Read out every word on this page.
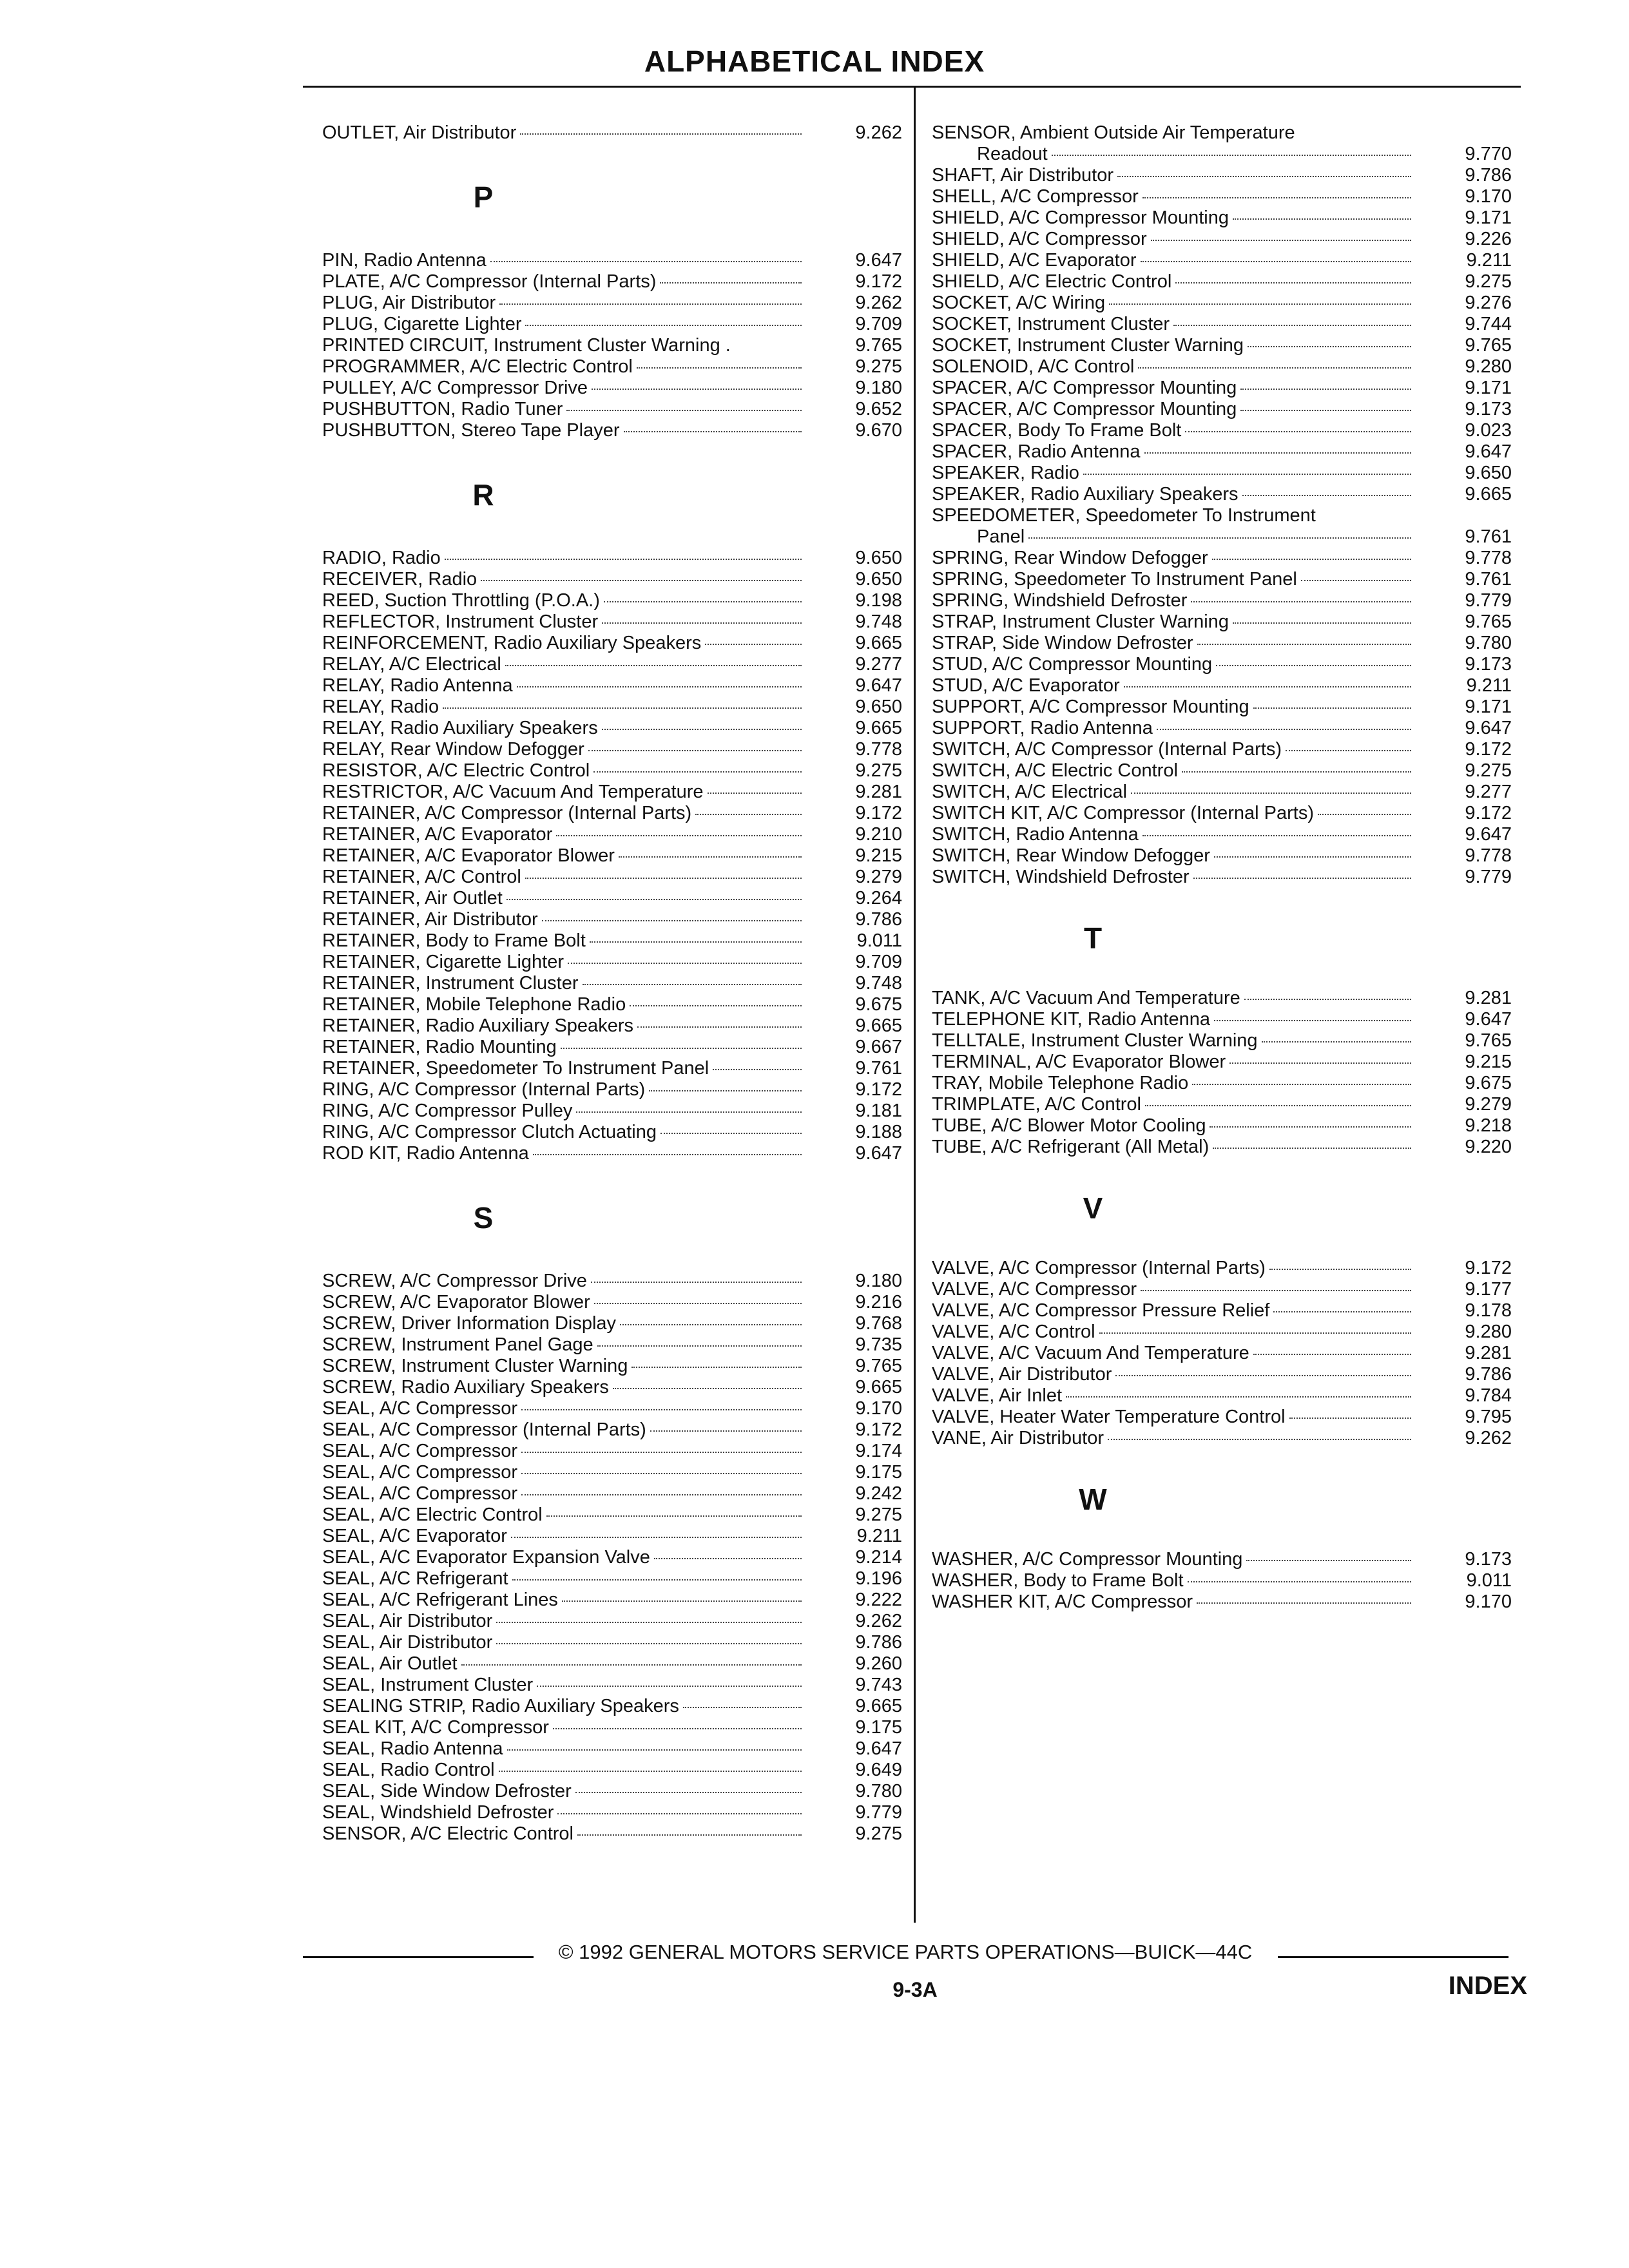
ALPHABETICAL INDEX
OUTLET, Air Distributor	9.262
P
PIN, Radio Antenna	9.647
PLATE, A/C Compressor (Internal Parts)	9.172
PLUG, Air Distributor	9.262
PLUG, Cigarette Lighter	9.709
PRINTED CIRCUIT, Instrument Cluster Warning .	9.765
PROGRAMMER, A/C Electric Control	9.275
PULLEY, A/C Compressor Drive	9.180
PUSHBUTTON, Radio Tuner	9.652
PUSHBUTTON, Stereo Tape Player	9.670
R
RADIO, Radio	9.650
RECEIVER, Radio	9.650
REED, Suction Throttling (P.O.A.)	9.198
REFLECTOR, Instrument Cluster	9.748
REINFORCEMENT, Radio Auxiliary Speakers	9.665
RELAY, A/C Electrical	9.277
RELAY, Radio Antenna	9.647
RELAY, Radio	9.650
RELAY, Radio Auxiliary Speakers	9.665
RELAY, Rear Window Defogger	9.778
RESISTOR, A/C Electric Control	9.275
RESTRICTOR, A/C Vacuum And Temperature	9.281
RETAINER, A/C Compressor (Internal Parts)	9.172
RETAINER, A/C Evaporator	9.210
RETAINER, A/C Evaporator Blower	9.215
RETAINER, A/C Control	9.279
RETAINER, Air Outlet	9.264
RETAINER, Air Distributor	9.786
RETAINER, Body to Frame Bolt	9.011
RETAINER, Cigarette Lighter	9.709
RETAINER, Instrument Cluster	9.748
RETAINER, Mobile Telephone Radio	9.675
RETAINER, Radio Auxiliary Speakers	9.665
RETAINER, Radio Mounting	9.667
RETAINER, Speedometer To Instrument Panel	9.761
RING, A/C Compressor (Internal Parts)	9.172
RING, A/C Compressor Pulley	9.181
RING, A/C Compressor Clutch Actuating	9.188
ROD KIT, Radio Antenna	9.647
S
SCREW, A/C Compressor Drive	9.180
SCREW, A/C Evaporator Blower	9.216
SCREW, Driver Information Display	9.768
SCREW, Instrument Panel Gage	9.735
SCREW, Instrument Cluster Warning	9.765
SCREW, Radio Auxiliary Speakers	9.665
SEAL, A/C Compressor	9.170
SEAL, A/C Compressor (Internal Parts)	9.172
SEAL, A/C Compressor	9.174
SEAL, A/C Compressor	9.175
SEAL, A/C Compressor	9.242
SEAL, A/C Electric Control	9.275
SEAL, A/C Evaporator	9.211
SEAL, A/C Evaporator Expansion Valve	9.214
SEAL, A/C Refrigerant	9.196
SEAL, A/C Refrigerant Lines	9.222
SEAL, Air Distributor	9.262
SEAL, Air Distributor	9.786
SEAL, Air Outlet	9.260
SEAL, Instrument Cluster	9.743
SEALING STRIP, Radio Auxiliary Speakers	9.665
SEAL KIT, A/C Compressor	9.175
SEAL, Radio Antenna	9.647
SEAL, Radio Control	9.649
SEAL, Side Window Defroster	9.780
SEAL, Windshield Defroster	9.779
SENSOR, A/C Electric Control	9.275
SENSOR, Ambient Outside Air Temperature
Readout	9.770
SHAFT, Air Distributor	9.786
SHELL, A/C Compressor	9.170
SHIELD, A/C Compressor Mounting	9.171
SHIELD, A/C Compressor	9.226
SHIELD, A/C Evaporator	9.211
SHIELD, A/C Electric Control	9.275
SOCKET, A/C Wiring	9.276
SOCKET, Instrument Cluster	9.744
SOCKET, Instrument Cluster Warning	9.765
SOLENOID, A/C Control	9.280
SPACER, A/C Compressor Mounting	9.171
SPACER, A/C Compressor Mounting	9.173
SPACER, Body To Frame Bolt	9.023
SPACER, Radio Antenna	9.647
SPEAKER, Radio	9.650
SPEAKER, Radio Auxiliary Speakers	9.665
SPEEDOMETER, Speedometer To Instrument
Panel	9.761
SPRING, Rear Window Defogger	9.778
SPRING, Speedometer To Instrument Panel	9.761
SPRING, Windshield Defroster	9.779
STRAP, Instrument Cluster Warning	9.765
STRAP, Side Window Defroster	9.780
STUD, A/C Compressor Mounting	9.173
STUD, A/C Evaporator	9.211
SUPPORT, A/C Compressor Mounting	9.171
SUPPORT, Radio Antenna	9.647
SWITCH, A/C Compressor (Internal Parts)	9.172
SWITCH, A/C Electric Control	9.275
SWITCH, A/C Electrical	9.277
SWITCH KIT, A/C Compressor (Internal Parts)	9.172
SWITCH, Radio Antenna	9.647
SWITCH, Rear Window Defogger	9.778
SWITCH, Windshield Defroster	9.779
T
TANK, A/C Vacuum And Temperature	9.281
TELEPHONE KIT, Radio Antenna	9.647
TELLTALE, Instrument Cluster Warning	9.765
TERMINAL, A/C Evaporator Blower	9.215
TRAY, Mobile Telephone Radio	9.675
TRIMPLATE, A/C Control	9.279
TUBE, A/C Blower Motor Cooling	9.218
TUBE, A/C Refrigerant (All Metal)	9.220
V
VALVE, A/C Compressor (Internal Parts)	9.172
VALVE, A/C Compressor	9.177
VALVE, A/C Compressor Pressure Relief	9.178
VALVE, A/C Control	9.280
VALVE, A/C Vacuum And Temperature	9.281
VALVE, Air Distributor	9.786
VALVE, Air Inlet	9.784
VALVE, Heater Water Temperature Control	9.795
VANE, Air Distributor	9.262
W
WASHER, A/C Compressor Mounting	9.173
WASHER, Body to Frame Bolt	9.011
WASHER KIT, A/C Compressor	9.170
© 1992 GENERAL MOTORS SERVICE PARTS OPERATIONS—BUICK—44C
9-3A	INDEX
